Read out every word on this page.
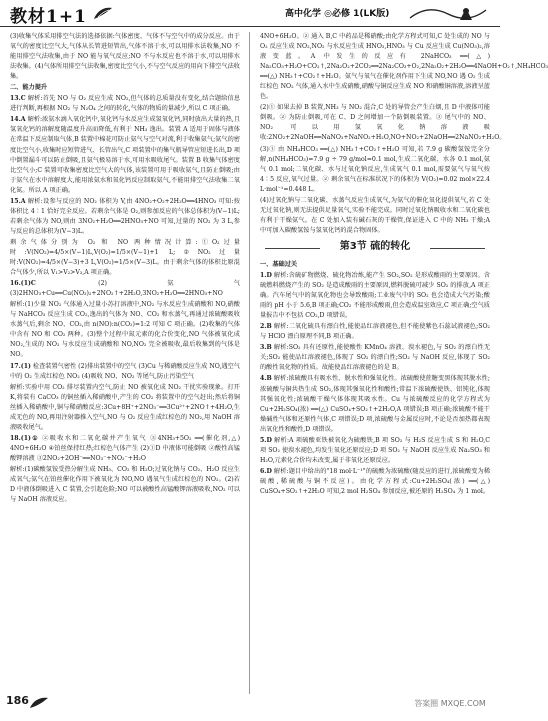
教材1+1	高中化学 ◎必修 1(LK版)
(3)收集气体采用排空气法的选择依据:气体密度、气体不与空气中的成分反应。由于氧气的密度比空气大,气体从长管进短管出,气体不溶于水,可以用排水法收集,NO 不能用排空气法收集,由于 NO 能与氧气反应;NO 不与水反应也不溶于水,可以用排水法收集。(4)气体所用排空气法收集,密度比空气小,不与空气反应的用向下排空气法收集。
二、能力提升
13.C 解析:首先 NO 与 O₂ 反应生成 NO₂,但气体的总质量没有变化,结合题给信息进行判断,再根据 NO₂ 与 N₂O₄ 之间的转化,气体的物质的量减少,所以 C 项正确。
14.A 解析:浓氨水滴入氧化钙中,氧化钙与水反应生成氢氧化钙,同时放出大量的热,且氢氧化钙的溶解度随温度升高而降低,有利于 NH₃ 逸出。装置 A 适用于固体与液体在常温下反应制取气体,B 装置中棉花可防止氨气与空气对流,利于收集氨气;氨气的密度比空气小,收集时应短管进气、长管出气,C 项装置中的集气瓶导管应短进长出,D 项中倒置漏斗可以防止倒吸,且氨气极易溶于水,可用水吸收尾气。装置 B 收集气体密度比空气小;C 装置可收集密度比空气大的气体,该装置可用于吸收氨气,且防止倒吸;由于氨气在水中溶解度大,能用浓氨水和氧化钙反应制取氨气,不能用排空气法收集二氧化氮。所以 A 项正确。
15.A 解析:设参与反应的 NO₂ 体积为 V,由 4NO₂+O₂+2H₂O══4HNO₃ 可知:按体积比 4∶1 恰好完全反应。若剩余气体是 O₂,则参加反应的气体总体积为(V−1)L;若剩余气体为 NO,则由 3NO₂+H₂O══2HNO₃+NO 可知,过量的 NO₂ 为 3 L,参与反应的总体积为(V−3)L。
剩余气体分别为 O₂ 和 NO 两种情况计算:①O₂过量时:V(NO₂)=4/5×(V−1)L,V(O₂)=1/5×(V−1)+1 L;②NO₂过量时:V(NO₂)=4/5×(V−3)+3 L,V(O₂)=1/5×(V−3)L。由于剩余气体的体积比原混合气体少,所以 V₁>V₂>V₃,A 项正确。
16.(1)C	(2)氨气 (3)2HNO₃+Cu══Cu(NO₃)₂+2NO₂↑+2H₂O,3NO₂+H₂O══2HNO₃+NO
解析:(1)少量 NO₂ 气体通入过量小苏打溶液中,NO₂ 与水反应生成硝酸和 NO,硝酸与 NaHCO₃ 反应生成 CO₂,逸出的气体为 NO、CO₂ 和水蒸气,再通过浓硫酸吸收水蒸气后,剩余 NO、CO₂,由 n(NO):n(CO₂)=1:2 可知 C 项正确。(2)收集的气体中含有 NO 和 CO₂ 两种。(3)整个过程中氮元素的化合价变化,NO 气体被氧化成 NO₂,生成的 NO₂ 与水反应生成硝酸和 NO,NO₂ 完全被吸收,最后收集到的气体是 NO。
17.(1) 检查装置气密性 (2)排出装置中的空气 (3)Cu 与稀硝酸反应生成 NO,遇空气中的 O₂ 生成红棕色 NO₂ (4)吸收 NO、NO₂ 等尾气,防止污染空气
解析:实验中用 CO₂ 排尽装置内空气,防止 NO 被氧化成 NO₂ 干扰实验现象。打开 K,将装有 CaCO₃ 的铜丝插入稀硝酸中,产生的 CO₂ 将装置中的空气赶出;然后将铜丝插入稀硝酸中,铜与稀硝酸反应:3Cu+8H⁺+2NO₃⁻══3Cu²⁺+2NO↑+4H₂O,生成无色的 NO,再用注射器推入空气,NO 与 O₂ 反应生成红棕色的 NO₂,用 NaOH 溶液吸收尾气。
18.(1)① ②吸收水和二氧化碳并产生氧气 ③4NH₃+5O₂ ══(催化剂,△) 4NO+6H₂O ④铂丝保持红热;红棕色气体产生 (2)①D 中液体可能倒吸 ②酸性高锰酸钾溶液 ③2NO₂+2OH⁻══NO₃⁻+NO₂⁻+H₂O
解析:(1)碳酸氢铵受热分解生成 NH₃、CO₂ 和 H₂O;过氧化钠与 CO₂、H₂O 反应生成氧气;氨气在铂丝催化作用下被氧化为 NO,NO 遇氧气生成红棕色的 NO₂。(2)若 D 中液体倒吸进入 C 装置,会引起危险;NO 可以被酸性高锰酸钾溶液吸收,NO₂ 可以与 NaOH 溶液反应。
4NO+6H₂O。② 通入 B,C 中药品是稀硝酸;由化学方程式可知,C 处生成的 NO 与 O₂ 反应生成 NO₂,NO₂ 与水反应生成 HNO₃,HNO₃ 与 Cu 反应生成 Cu(NO₃)₂,溶液变蓝。A 中发生的反应有 2NaHCO₃ ══(△) Na₂CO₃+H₂O+CO₂↑,2Na₂O₂+2CO₂══2Na₂CO₃+O₂,2Na₂O₂+2H₂O══4NaOH+O₂↑,NH₄HCO₃ ══(△) NH₃↑+CO₂↑+H₂O。氨气与氧气在催化剂作用下生成 NO,NO 遇 O₂ 生成红棕色 NO₂ 气体,通入水中生成硝酸,硝酸与铜反应生成 NO 和硝酸铜溶液,溶液呈蓝色。
(2)① 如果去掉 B 装置,NH₃ 与 NO₂ 混合,C 处的导管会产生白烟,且 D 中液体可能倒吸。② 为防止倒吸,可在 C、D 之间增加一个防倒吸装置。③ 尾气中的 NO、NO₂ 可以用氢氧化钠溶液吸收:2NO₂+2NaOH══NaNO₃+NaNO₂+H₂O,NO+NO₂+2NaOH══2NaNO₂+H₂O。
(3)① 由 NH₄HCO₃ ══(△) NH₃↑+CO₂↑+H₂O 可知,若 7.9 g 碳酸氢铵完全分解,n(NH₄HCO₃)=7.9 g ÷ 79 g/mol=0.1 mol,生成二氧化碳、水各 0.1 mol,氨气 0.1 mol;二氧化碳、水与过氧化钠反应,生成氧气 0.1 mol,需要氨气与氧气按 4∶5 反应,氧气过量。② 剩余氧气在标准状况下的体积为 V(O₂)=0.02 mol×22.4 L·mol⁻¹=0.448 L。
(4)过氧化钠与二氧化碳、水蒸气反应生成氧气,为氨气的催化氧化提供氧气,若 C 处无过氧化钠,则无法提供足量氧气,实验不能完成。同时过氧化钠吸收水和二氧化碳也有利于干燥氨气。在 C 处加入装有碱石灰的干燥管,保证进入 C 中的 NH₃ 干燥;A 中可加入碳酸氢铵与氢氧化钙的混合物固体。
第3节 硫的转化
一、基础过关
1.D 解析:含硫矿物燃烧、硫化物冶炼,能产生 SO₂,SO₂ 是形成酸雨的主要原因。含硫燃料燃烧产生的 SO₂ 是造成酸雨的主要原因,燃料脱硫可减少 SO₂ 的排放,A 项正确。汽车尾气中的氮氧化物也会导致酸雨;工业废气中的 SO₂ 也会造成大气污染;酸雨的 pH 小于 5.6,B 项正确;CO₂ 不能形成酸雨,但会造成温室效应,C 项正确;空气质量报告中不包括 CO₂,D 项错误。
2.B 解析:二氧化硫具有漂白性,能使品红溶液褪色,但不能使紫色石蕊试液褪色;SO₂ 与 HClO 漂白原理不同,B 项正确。
3.B 解析:SO₂ 具有还原性,能使酸性 KMnO₄ 溶液、溴水褪色,与 SO₂ 的漂白性无关;SO₂ 能使品红溶液褪色,体现了 SO₂ 的漂白性;SO₂ 与 NaOH 反应,体现了 SO₂ 的酸性氧化物的性质。故能使品红溶液褪色的是 B。
4.B 解析:浓硫酸具有吸水性、脱水性和强氧化性。浓硫酸使蔗糖变黑体现其脱水性;浓硫酸与铜共热生成 SO₂,体现其强氧化性和酸性;常温下浓硫酸使铁、铝钝化,体现其强氧化性;浓硫酸干燥气体体现其吸水性。Cu 与浓硫酸反应的化学方程式为 Cu+2H₂SO₄(浓) ══(△) CuSO₄+SO₂↑+2H₂O,A 项错误;B 项正确;浓硫酸不能干燥碱性气体和还原性气体,C 项错误;D 项,浓硫酸与金属反应时,不论是否加热都表现出氧化性和酸性,D 项错误。
5.D 解析:A 项硫酸亚铁被氧化为硫酸铁,B 项 SO₂ 与 H₂S 反应生成 S 和 H₂O,C 项 SO₂ 使溴水褪色,均发生氧化还原反应;D 项 SO₂ 与 NaOH 反应生成 Na₂SO₃ 和 H₂O,元素化合价均未改变,属于非氧化还原反应。
6.D 解析:题目中给出的"18 mol·L⁻¹"的硫酸为浓硫酸(随反应的进行,浓硫酸变为稀硫酸,稀硫酸与铜不反应)。由化学方程式:Cu+2H₂SO₄(浓) ══(△) CuSO₄+SO₂↑+2H₂O 可知,2 mol H₂SO₄ 参加反应,被还原的 H₂SO₄ 为 1 mol。
186	答案圈 MXQE.COM
